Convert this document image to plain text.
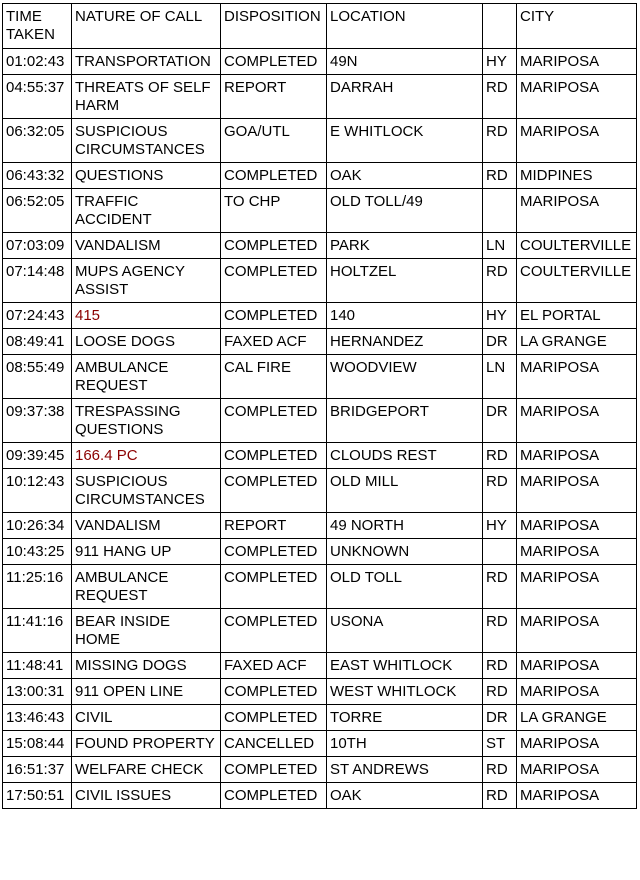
TIME TAKEN	NATURE OF CALL	DISPOSITION	LOCATION		CITY
01:02:43	TRANSPORTATION	COMPLETED	49N	HY	MARIPOSA
04:55:37	THREATS OF SELF HARM	REPORT	DARRAH	RD	MARIPOSA
06:32:05	SUSPICIOUS CIRCUMSTANCES	GOA/UTL	E WHITLOCK	RD	MARIPOSA
06:43:32	QUESTIONS	COMPLETED	OAK	RD	MIDPINES
06:52:05	TRAFFIC ACCIDENT	TO CHP	OLD TOLL/49		MARIPOSA
07:03:09	VANDALISM	COMPLETED	PARK	LN	COULTERVILLE
07:14:48	MUPS AGENCY ASSIST	COMPLETED	HOLTZEL	RD	COULTERVILLE
07:24:43	415	COMPLETED	140	HY	EL PORTAL
08:49:41	LOOSE DOGS	FAXED ACF	HERNANDEZ	DR	LA GRANGE
08:55:49	AMBULANCE REQUEST	CAL FIRE	WOODVIEW	LN	MARIPOSA
09:37:38	TRESPASSING QUESTIONS	COMPLETED	BRIDGEPORT	DR	MARIPOSA
09:39:45	166.4 PC	COMPLETED	CLOUDS REST	RD	MARIPOSA
10:12:43	SUSPICIOUS CIRCUMSTANCES	COMPLETED	OLD MILL	RD	MARIPOSA
10:26:34	VANDALISM	REPORT	49 NORTH	HY	MARIPOSA
10:43:25	911 HANG UP	COMPLETED	UNKNOWN		MARIPOSA
11:25:16	AMBULANCE REQUEST	COMPLETED	OLD TOLL	RD	MARIPOSA
11:41:16	BEAR INSIDE HOME	COMPLETED	USONA	RD	MARIPOSA
11:48:41	MISSING DOGS	FAXED ACF	EAST WHITLOCK	RD	MARIPOSA
13:00:31	911 OPEN LINE	COMPLETED	WEST WHITLOCK	RD	MARIPOSA
13:46:43	CIVIL	COMPLETED	TORRE	DR	LA GRANGE
15:08:44	FOUND PROPERTY	CANCELLED	10TH	ST	MARIPOSA
16:51:37	WELFARE CHECK	COMPLETED	ST ANDREWS	RD	MARIPOSA
17:50:51	CIVIL ISSUES	COMPLETED	OAK	RD	MARIPOSA
